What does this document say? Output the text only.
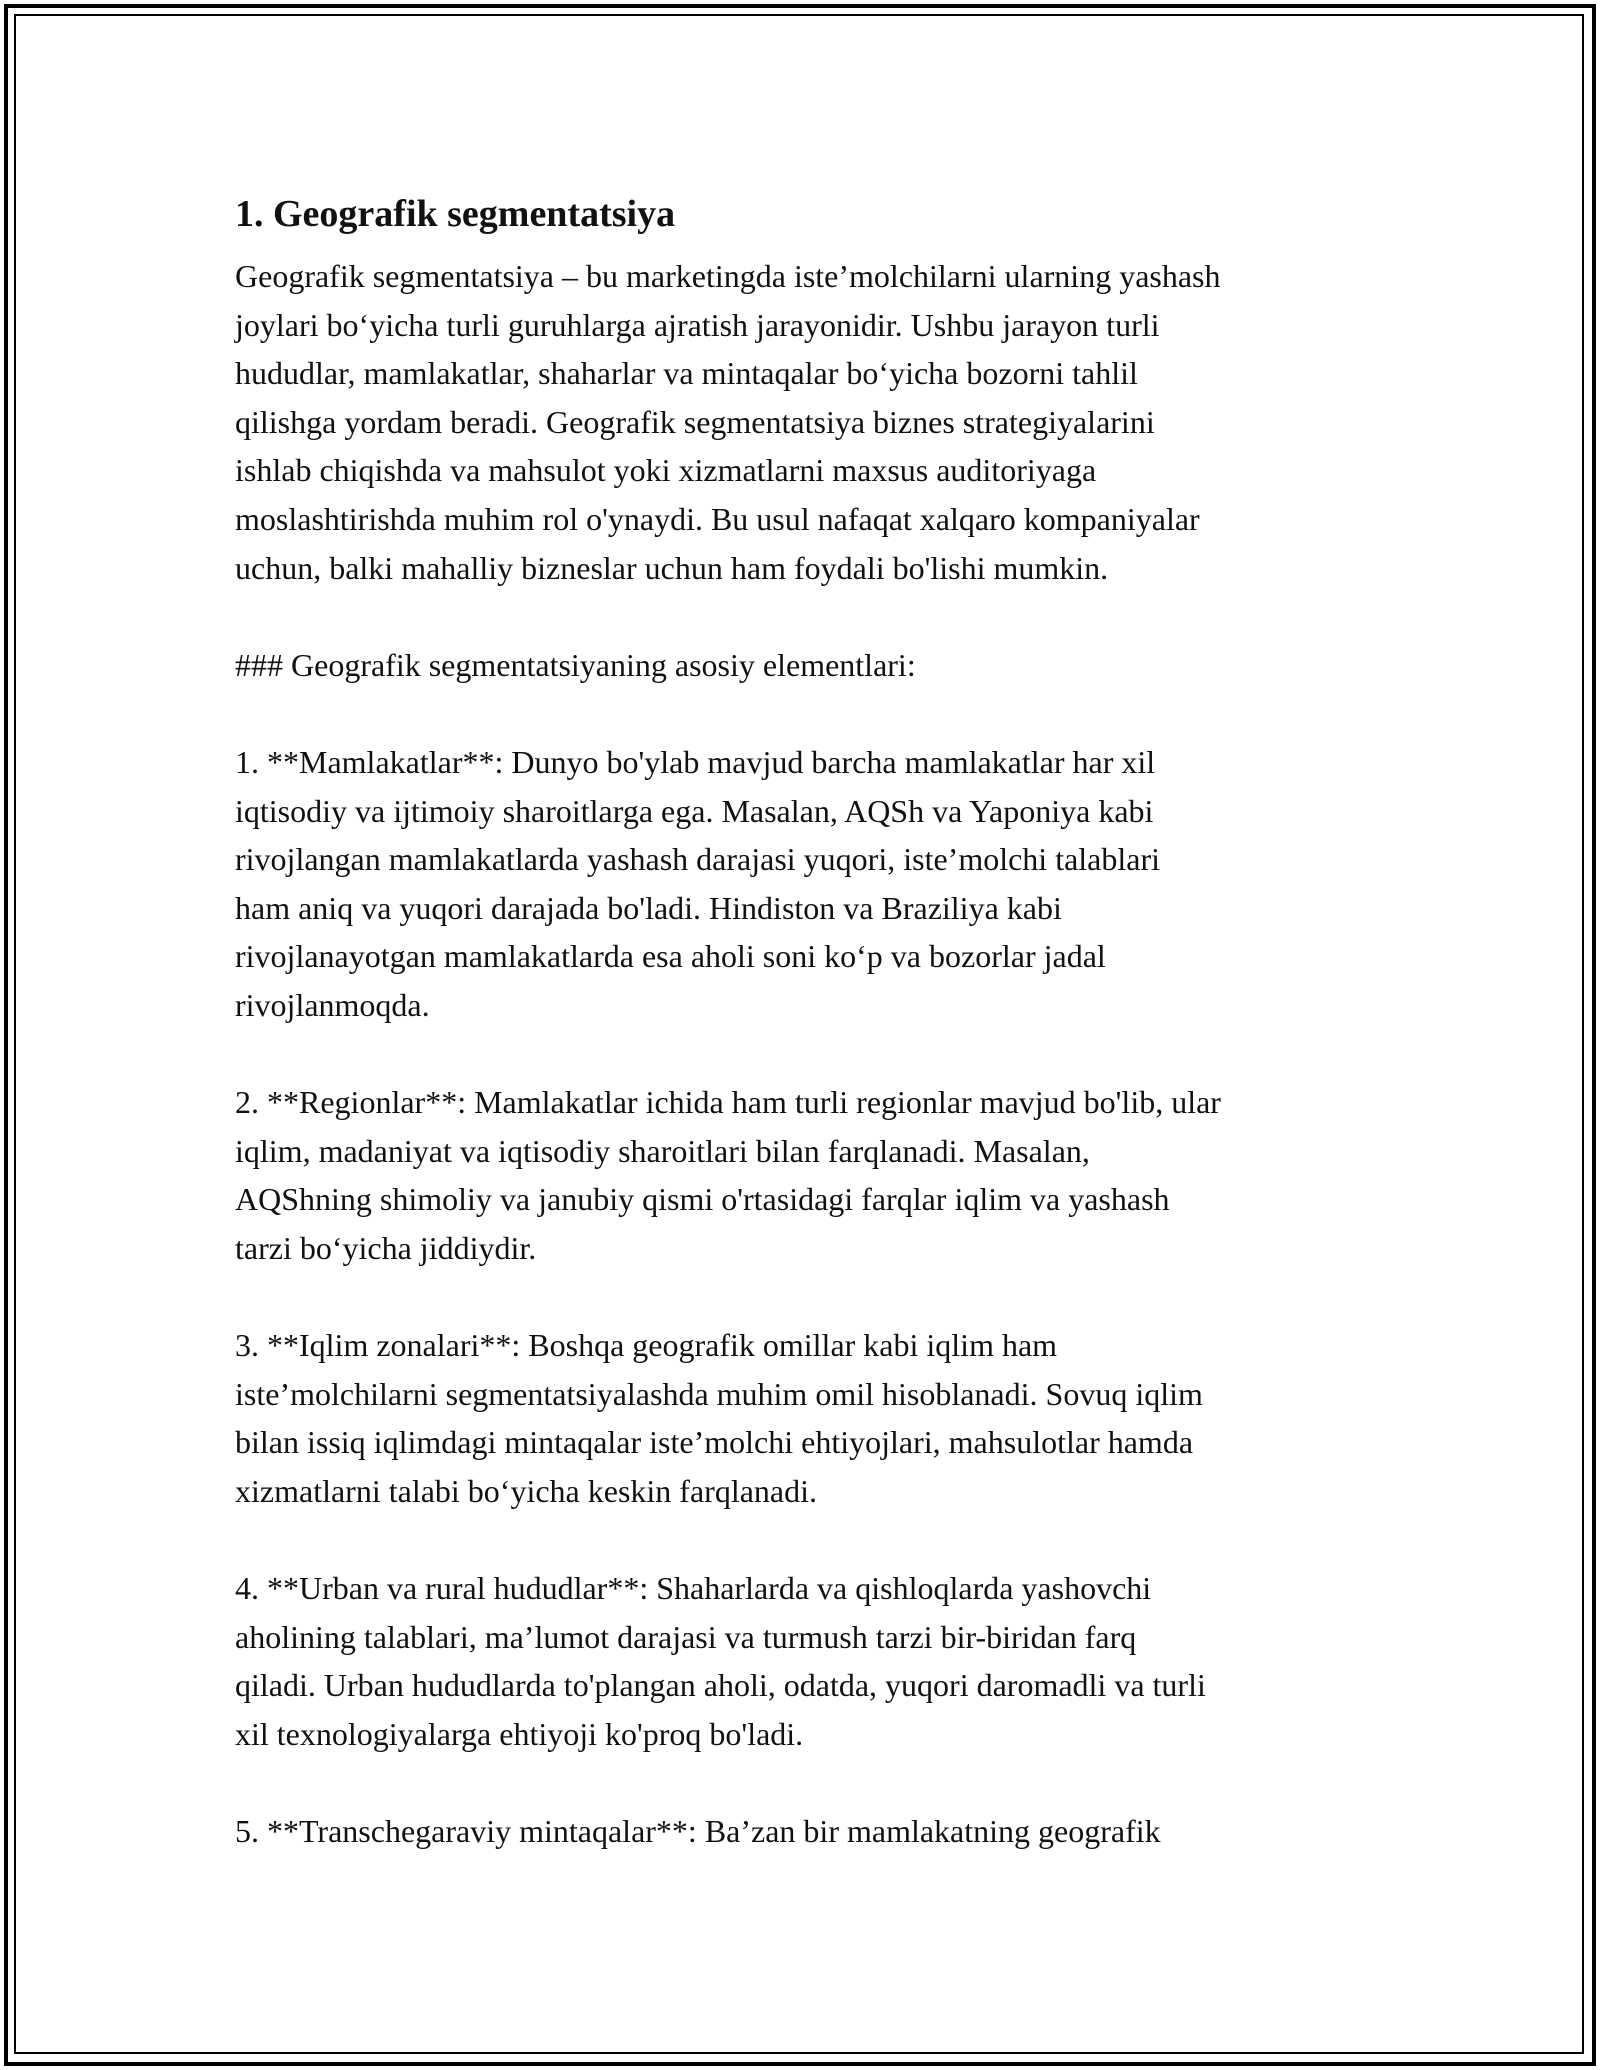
1. Geografik segmentatsiya

Geografik segmentatsiya – bu marketingda iste’molchilarni ularning yashash
joylari bo‘yicha turli guruhlarga ajratish jarayonidir. Ushbu jarayon turli
hududlar, mamlakatlar, shaharlar va mintaqalar bo‘yicha bozorni tahlil
qilishga yordam beradi. Geografik segmentatsiya biznes strategiyalarini
ishlab chiqishda va mahsulot yoki xizmatlarni maxsus auditoriyaga
moslashtirishda muhim rol o'ynaydi. Bu usul nafaqat xalqaro kompaniyalar
uchun, balki mahalliy bizneslar uchun ham foydali bo'lishi mumkin.

### Geografik segmentatsiyaning asosiy elementlari:

1. **Mamlakatlar**: Dunyo bo'ylab mavjud barcha mamlakatlar har xil
iqtisodiy va ijtimoiy sharoitlarga ega. Masalan, AQSh va Yaponiya kabi
rivojlangan mamlakatlarda yashash darajasi yuqori, iste’molchi talablari
ham aniq va yuqori darajada bo'ladi. Hindiston va Braziliya kabi
rivojlanayotgan mamlakatlarda esa aholi soni ko‘p va bozorlar jadal
rivojlanmoqda.

2. **Regionlar**: Mamlakatlar ichida ham turli regionlar mavjud bo'lib, ular
iqlim, madaniyat va iqtisodiy sharoitlari bilan farqlanadi. Masalan,
AQShning shimoliy va janubiy qismi o'rtasidagi farqlar iqlim va yashash
tarzi bo‘yicha jiddiydir.

3. **Iqlim zonalari**: Boshqa geografik omillar kabi iqlim ham
iste’molchilarni segmentatsiyalashda muhim omil hisoblanadi. Sovuq iqlim
bilan issiq iqlimdagi mintaqalar iste’molchi ehtiyojlari, mahsulotlar hamda
xizmatlarni talabi bo‘yicha keskin farqlanadi.

4. **Urban va rural hududlar**: Shaharlarda va qishloqlarda yashovchi
aholining talablari, ma’lumot darajasi va turmush tarzi bir-biridan farq
qiladi. Urban hududlarda to'plangan aholi, odatda, yuqori daromadli va turli
xil texnologiyalarga ehtiyoji ko'proq bo'ladi.

5. **Transchegaraviy mintaqalar**: Ba’zan bir mamlakatning geografik
